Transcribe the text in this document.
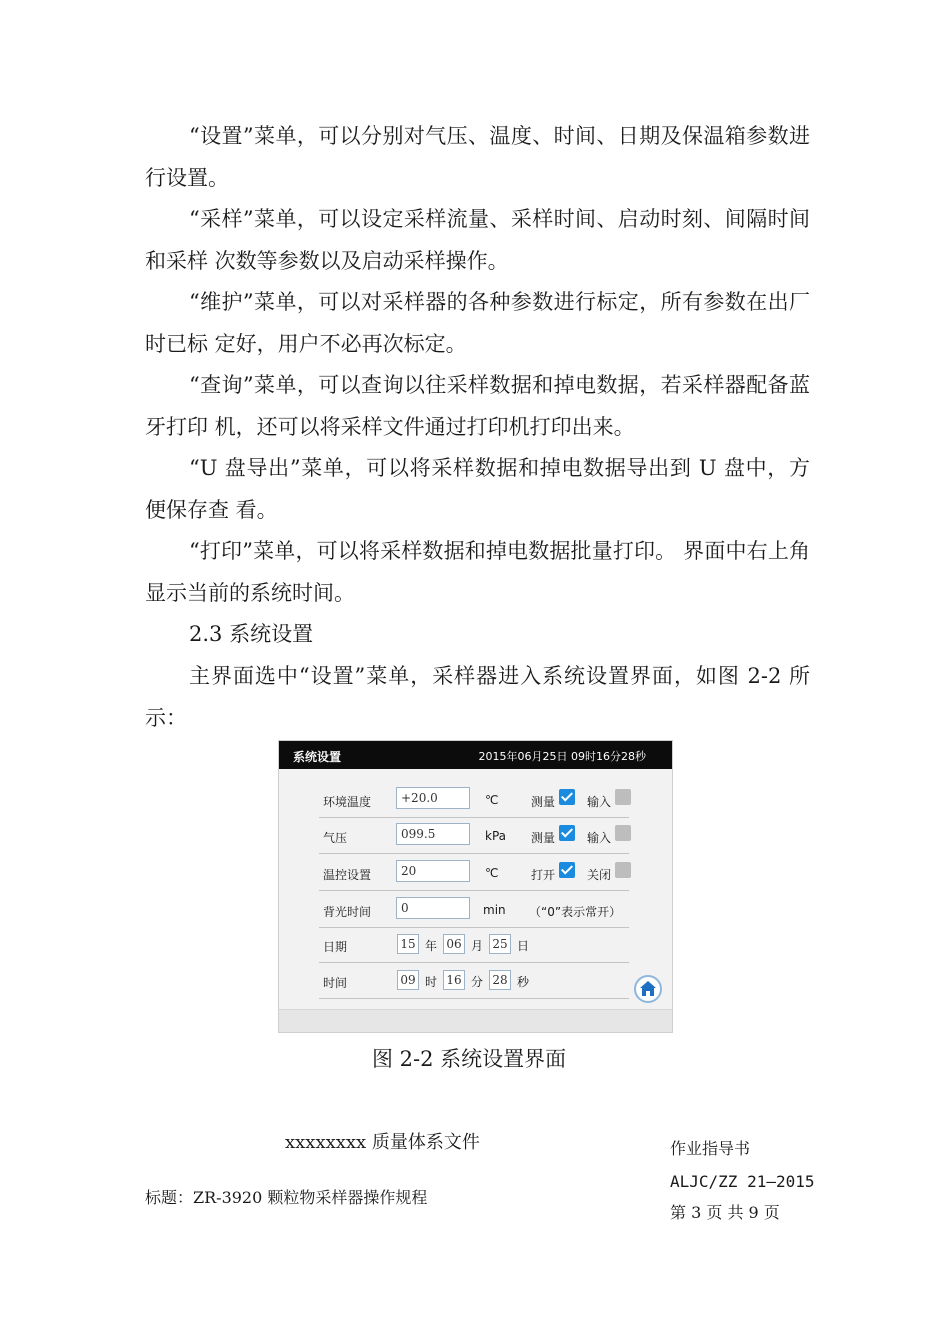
“设置”菜单，可以分别对气压、温度、时间、日期及保温箱参数进行设置。

“采样”菜单，可以设定采样流量、采样时间、启动时刻、间隔时间和采样 次数等参数以及启动采样操作。

“维护”菜单，可以对采样器的各种参数进行标定，所有参数在出厂时已标 定好，用户不必再次标定。

“查询”菜单，可以查询以往采样数据和掉电数据，若采样器配备蓝牙打印 机，还可以将采样文件通过打印机打印出来。

“U 盘导出”菜单，可以将采样数据和掉电数据导出到 U 盘中，方便保存查 看。

“打印”菜单，可以将采样数据和掉电数据批量打印。 界面中右上角显示当前的系统时间。

2.3 系统设置

主界面选中“设置”菜单，采样器进入系统设置界面，如图 2-2 所示：

系统设置	2015年06月25日 09时16分28秒
环境温度	+20.0	℃	测量	输入
气压	099.5	kPa 测量	输入
温控设置	20	℃	打开	关闭
背光时间	0	min （“0”表示常开）
日期	15 年 06 月 25 日
时间	09 时 16 分 28 秒
图 2-2 系统设置界面
xxxxxxxx 质量体系文件	作业指导书
ALJC/ZZ 21—2015
标题：ZR-3920 颗粒物采样器操作规程
第 3 页 共 9 页
